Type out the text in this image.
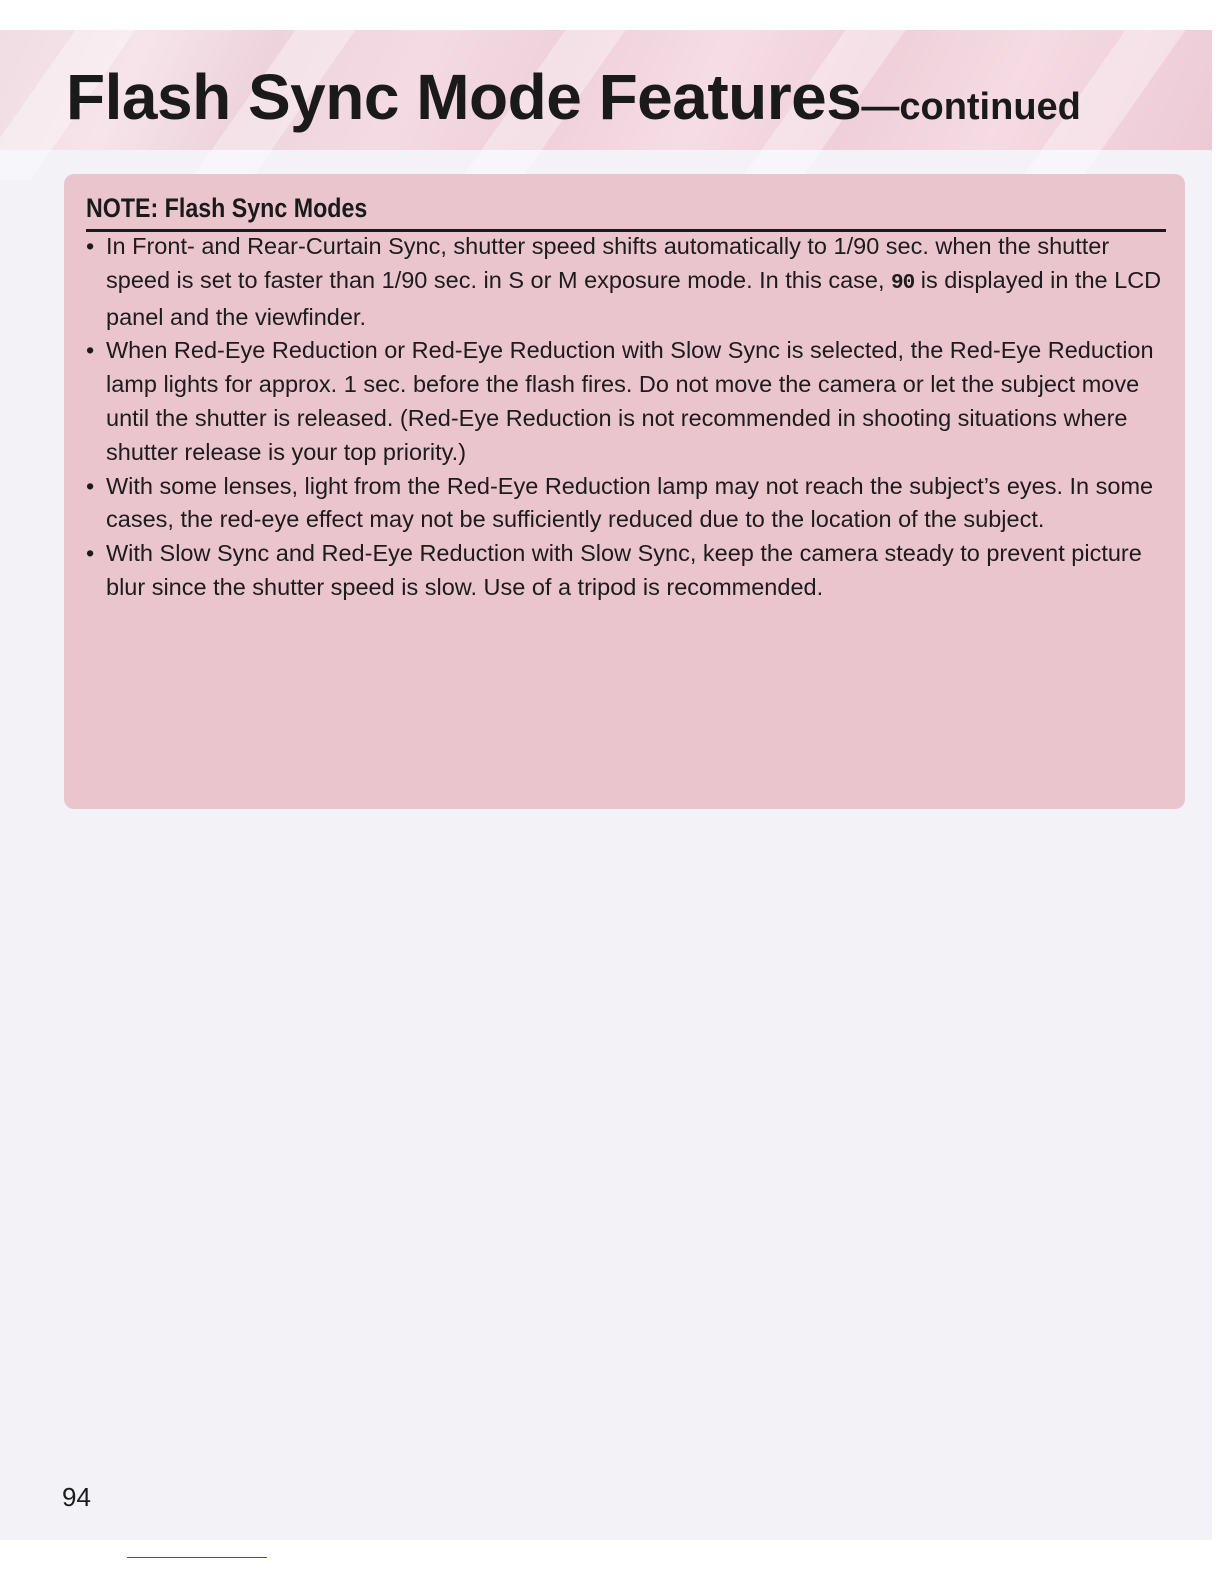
Flash Sync Mode Features—continued
NOTE: Flash Sync Modes
• In Front- and Rear-Curtain Sync, shutter speed shifts automatically to 1/90 sec. when the shutter speed is set to faster than 1/90 sec. in S or M exposure mode. In this case, 90 is displayed in the LCD panel and the viewfinder.
• When Red-Eye Reduction or Red-Eye Reduction with Slow Sync is selected, the Red-Eye Reduction lamp lights for approx. 1 sec. before the flash fires. Do not move the camera or let the subject move until the shutter is released. (Red-Eye Reduction is not recommended in shooting situations where shutter release is your top priority.)
• With some lenses, light from the Red-Eye Reduction lamp may not reach the subject’s eyes. In some cases, the red-eye effect may not be sufficiently reduced due to the location of the subject.
• With Slow Sync and Red-Eye Reduction with Slow Sync, keep the camera steady to prevent picture blur since the shutter speed is slow. Use of a tripod is recommended.

94
